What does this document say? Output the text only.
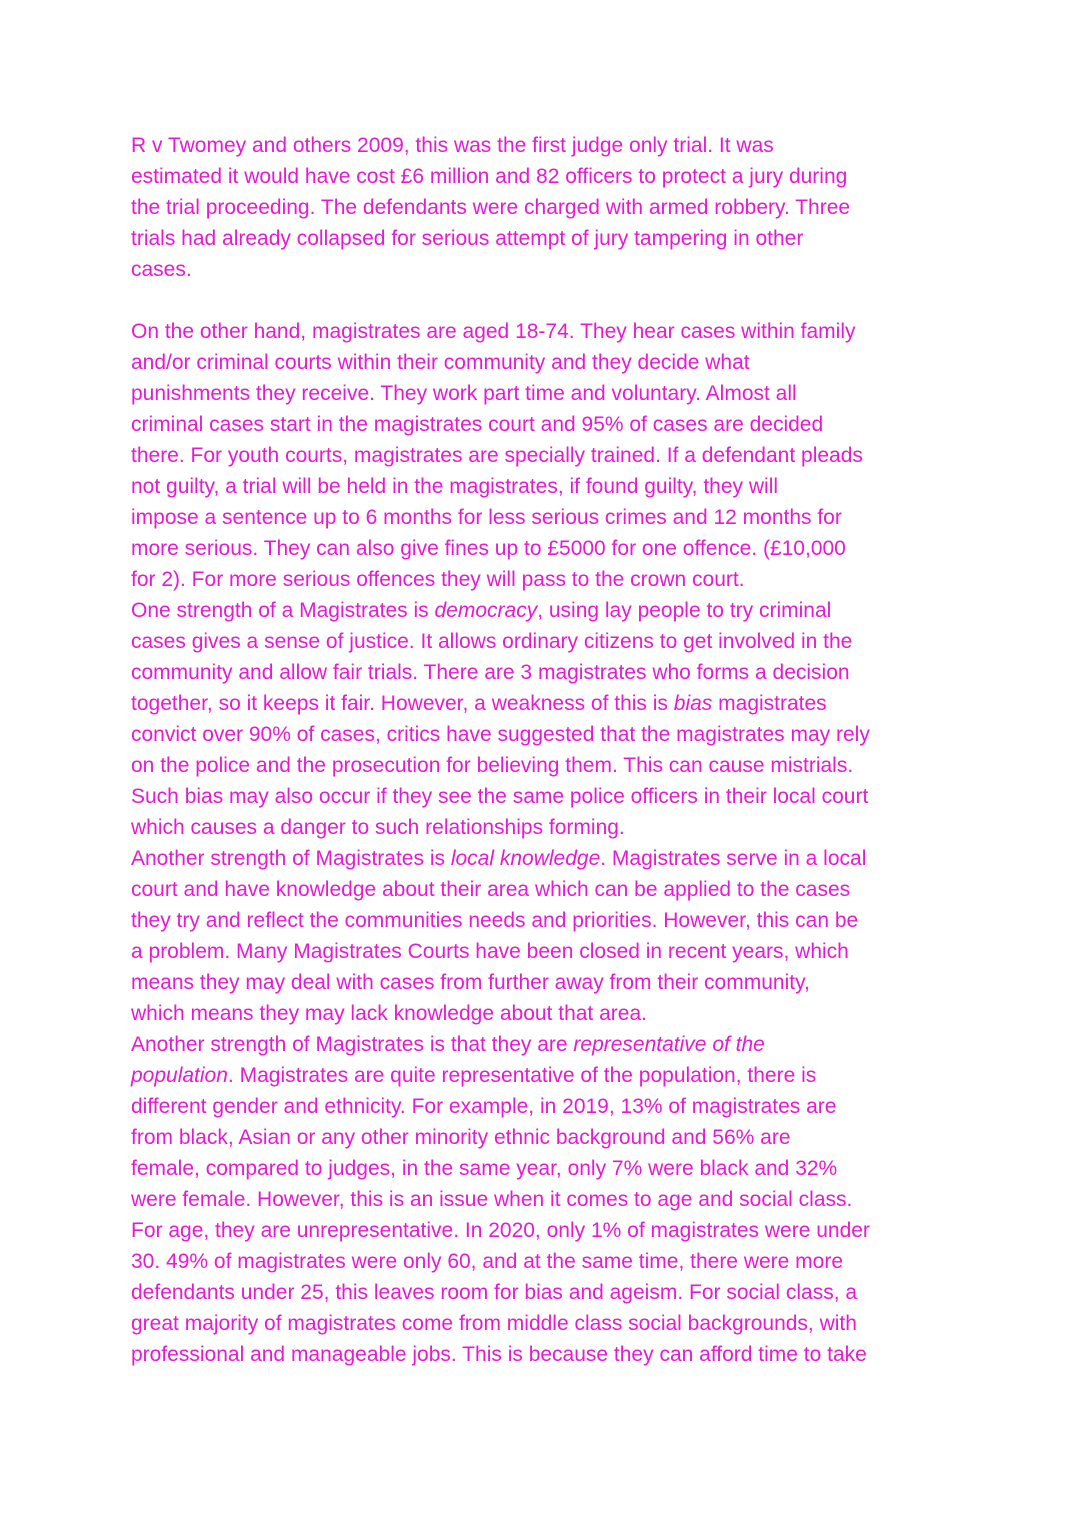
R v Twomey and others 2009, this was the first judge only trial. It was
estimated it would have cost £6 million and 82 officers to protect a jury during
the trial proceeding. The defendants were charged with armed robbery. Three
trials had already collapsed for serious attempt of jury tampering in other
cases.
On the other hand, magistrates are aged 18-74. They hear cases within family
and/or criminal courts within their community and they decide what
punishments they receive. They work part time and voluntary. Almost all
criminal cases start in the magistrates court and 95% of cases are decided
there. For youth courts, magistrates are specially trained. If a defendant pleads
not guilty, a trial will be held in the magistrates, if found guilty, they will
impose a sentence up to 6 months for less serious crimes and 12 months for
more serious. They can also give fines up to £5000 for one offence. (£10,000
for 2). For more serious offences they will pass to the crown court.
One strength of a Magistrates is democracy, using lay people to try criminal
cases gives a sense of justice. It allows ordinary citizens to get involved in the
community and allow fair trials. There are 3 magistrates who forms a decision
together, so it keeps it fair. However, a weakness of this is bias magistrates
convict over 90% of cases, critics have suggested that the magistrates may rely
on the police and the prosecution for believing them. This can cause mistrials.
Such bias may also occur if they see the same police officers in their local court
which causes a danger to such relationships forming.
Another strength of Magistrates is local knowledge. Magistrates serve in a local
court and have knowledge about their area which can be applied to the cases
they try and reflect the communities needs and priorities. However, this can be
a problem. Many Magistrates Courts have been closed in recent years, which
means they may deal with cases from further away from their community,
which means they may lack knowledge about that area.
Another strength of Magistrates is that they are representative of the
population. Magistrates are quite representative of the population, there is
different gender and ethnicity. For example, in 2019, 13% of magistrates are
from black, Asian or any other minority ethnic background and 56% are
female, compared to judges, in the same year, only 7% were black and 32%
were female. However, this is an issue when it comes to age and social class.
For age, they are unrepresentative. In 2020, only 1% of magistrates were under
30. 49% of magistrates were only 60, and at the same time, there were more
defendants under 25, this leaves room for bias and ageism. For social class, a
great majority of magistrates come from middle class social backgrounds, with
professional and manageable jobs. This is because they can afford time to take
